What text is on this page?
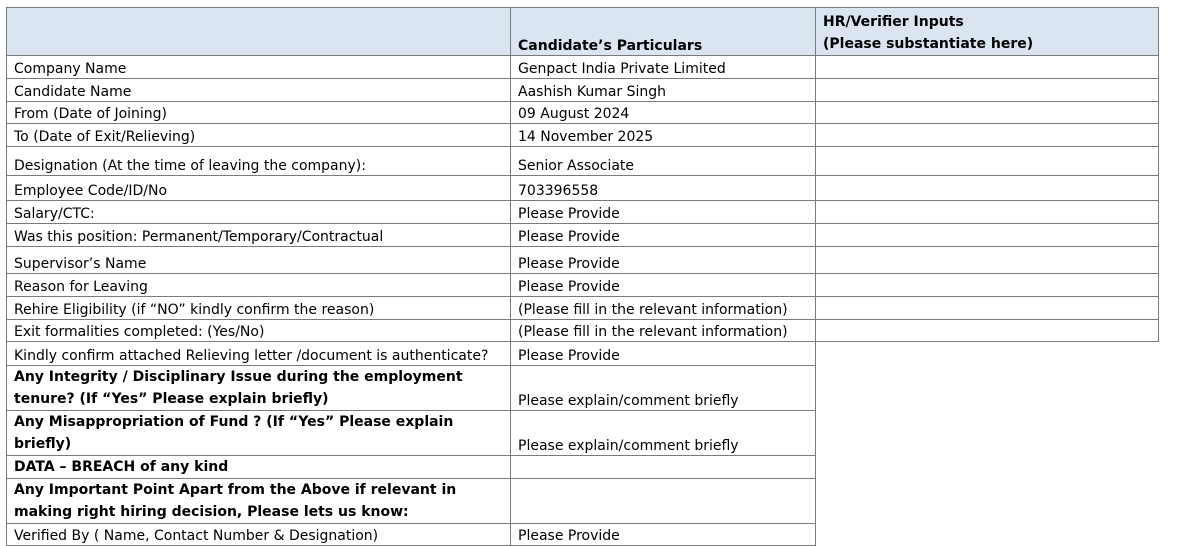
	Candidate’s Particulars	HR/Verifier Inputs
(Please substantiate here)

Company Name	Genpact India Private Limited	
Candidate Name	Aashish Kumar Singh	
From (Date of Joining)	09 August 2024	
To (Date of Exit/Relieving)	14 November 2025	
Designation (At the time of leaving the company):	Senior Associate	
Employee Code/ID/No	703396558	
Salary/CTC:	Please Provide	
Was this position: Permanent/Temporary/Contractual	Please Provide	
Supervisor’s Name	Please Provide	
Reason for Leaving	Please Provide	
Rehire Eligibility (if “NO” kindly confirm the reason)	(Please fill in the relevant information)	
Exit formalities completed: (Yes/No)	(Please fill in the relevant information)	
Kindly confirm attached Relieving letter /document is authenticate?	Please Provide	
Any Integrity / Disciplinary Issue during the employment tenure? (If “Yes” Please explain briefly)	Please explain/comment briefly	
Any Misappropriation of Fund ? (If “Yes” Please explain briefly)	Please explain/comment briefly	
DATA – BREACH of any kind		
Any Important Point Apart from the Above if relevant in making right hiring decision, Please lets us know:		
Verified By ( Name, Contact Number & Designation)	Please Provide	
